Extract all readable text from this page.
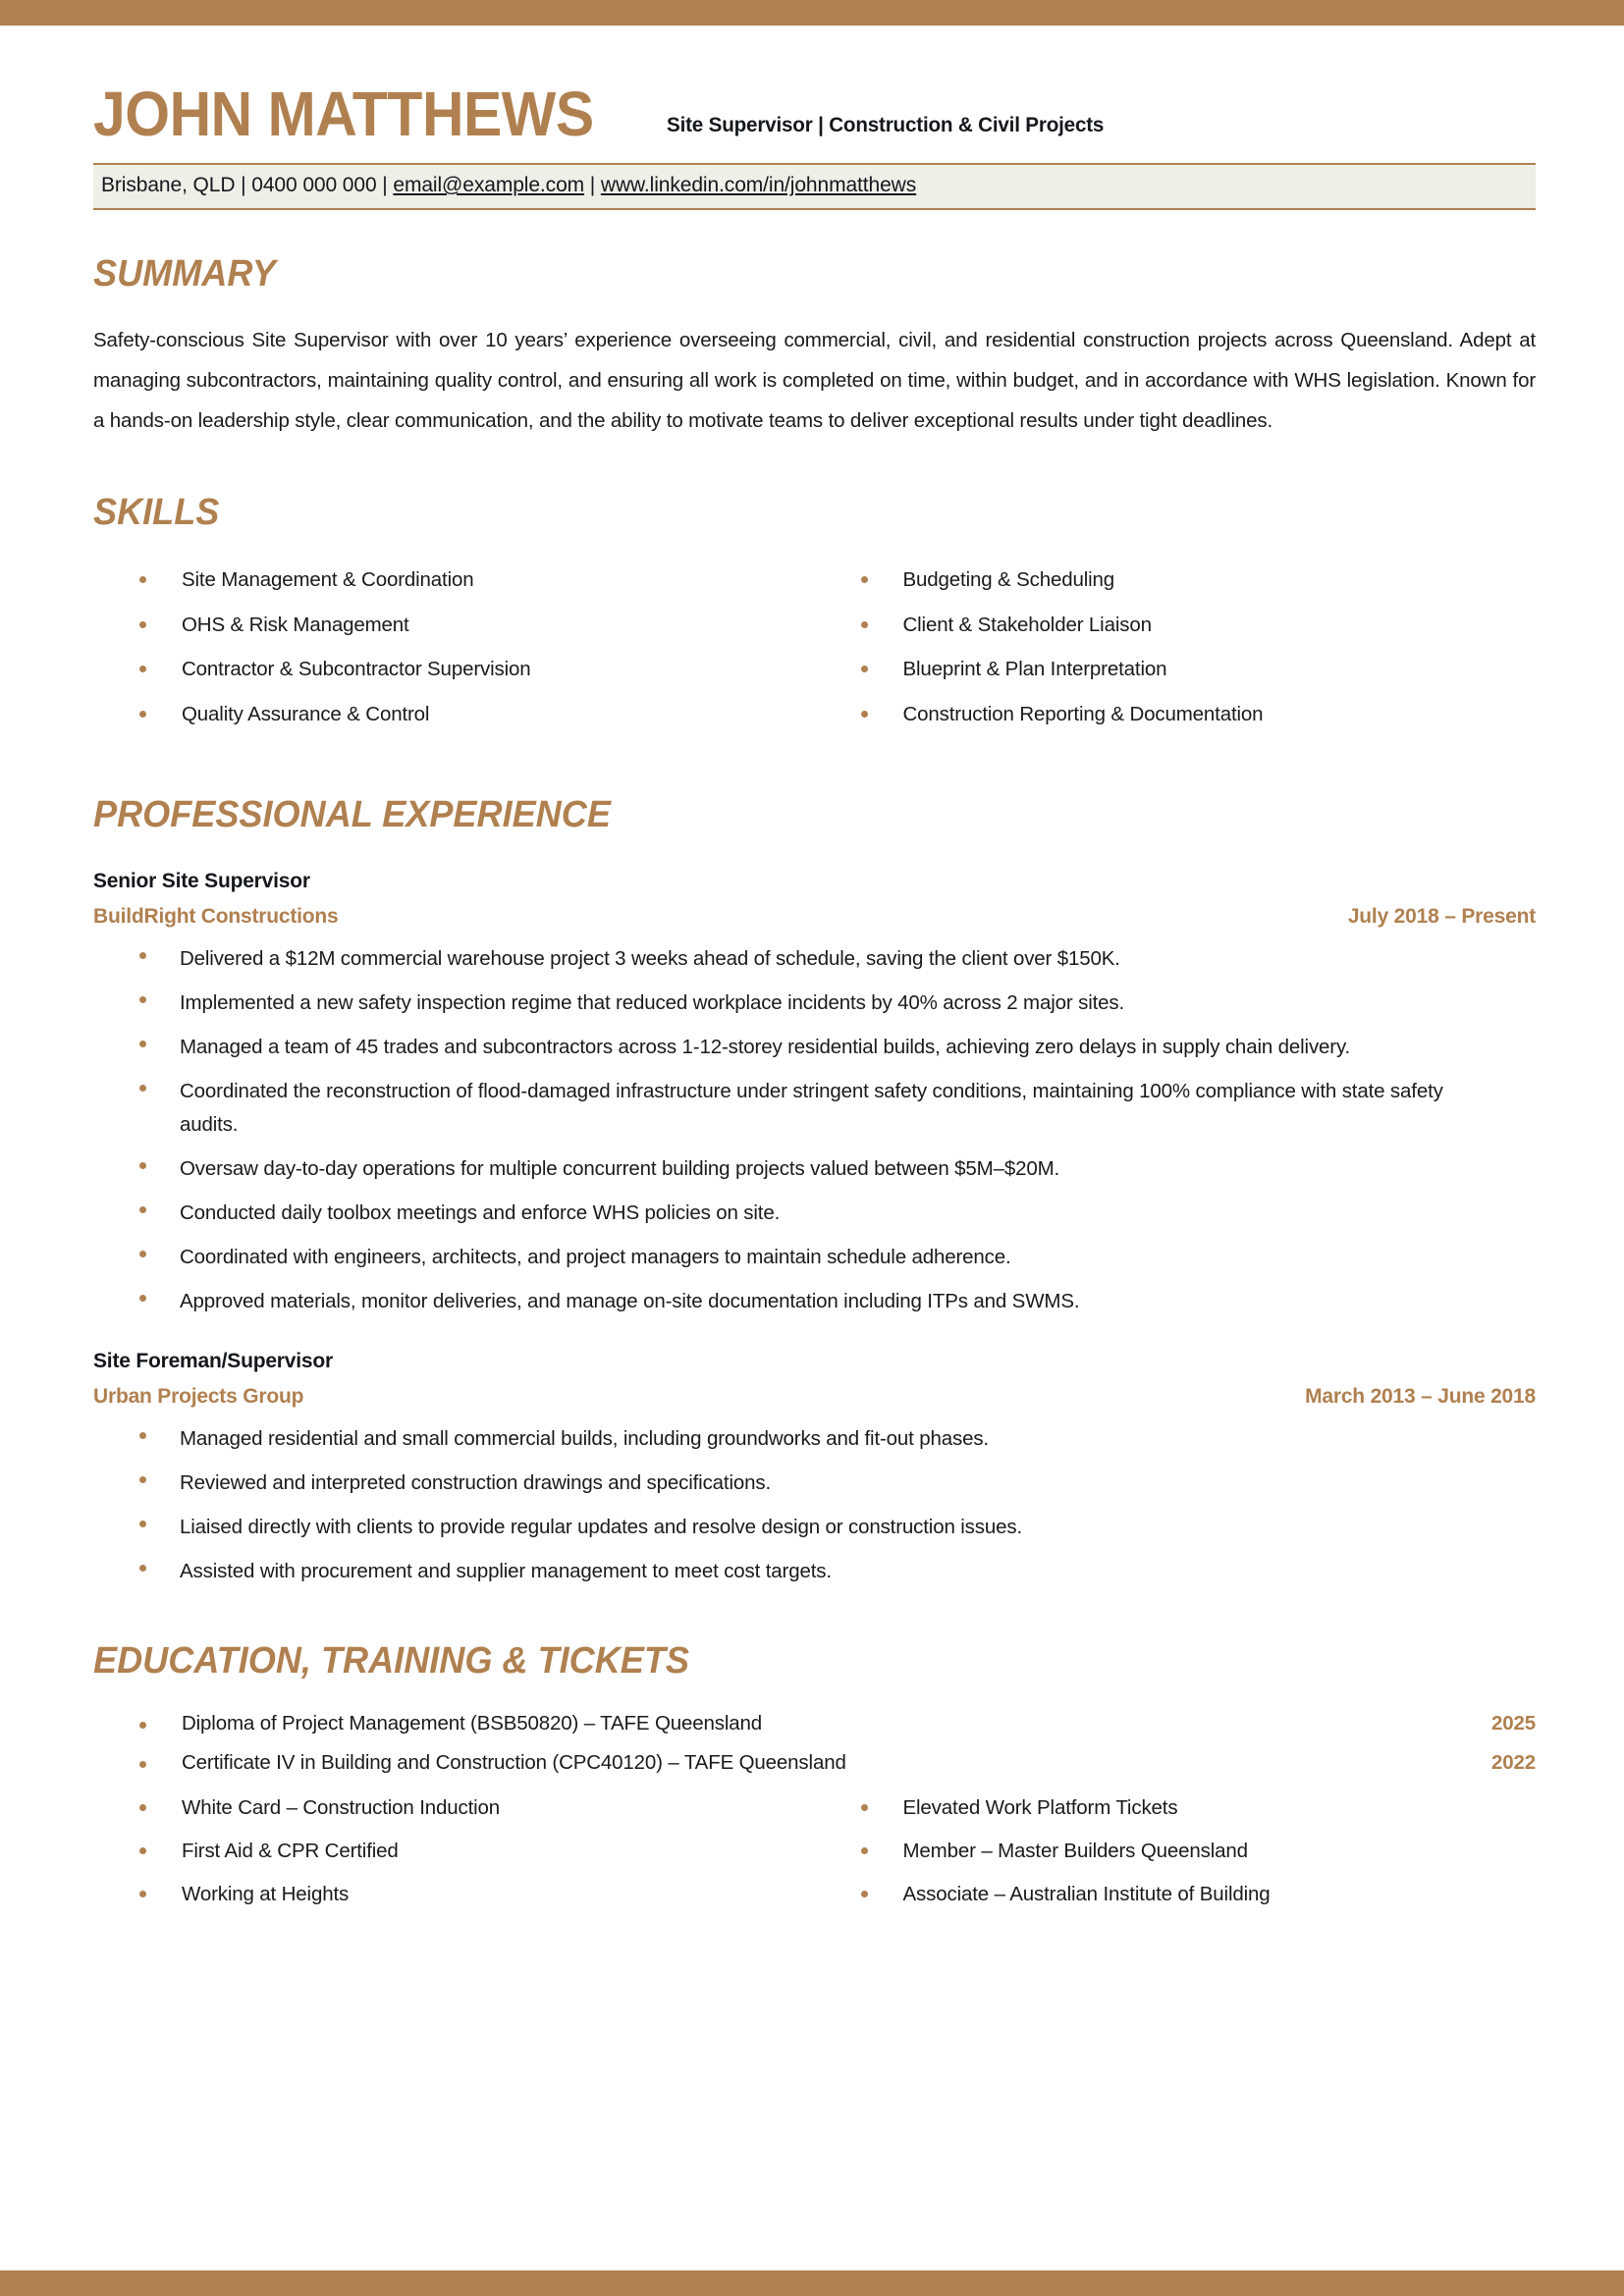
JOHN MATTHEWS	Site Supervisor | Construction & Civil Projects
Brisbane, QLD | 0400 000 000 | email@example.com | www.linkedin.com/in/johnmatthews
SUMMARY
Safety-conscious Site Supervisor with over 10 years’ experience overseeing commercial, civil, and residential construction projects across Queensland. Adept at managing subcontractors, maintaining quality control, and ensuring all work is completed on time, within budget, and in accordance with WHS legislation. Known for a hands-on leadership style, clear communication, and the ability to motivate teams to deliver exceptional results under tight deadlines.
SKILLS
Site Management & Coordination	Budgeting & Scheduling
OHS & Risk Management	Client & Stakeholder Liaison
Contractor & Subcontractor Supervision	Blueprint & Plan Interpretation
Quality Assurance & Control	Construction Reporting & Documentation
PROFESSIONAL EXPERIENCE
Senior Site Supervisor
BuildRight Constructions	July 2018 – Present
Delivered a $12M commercial warehouse project 3 weeks ahead of schedule, saving the client over $150K.
Implemented a new safety inspection regime that reduced workplace incidents by 40% across 2 major sites.
Managed a team of 45 trades and subcontractors across 1-12-storey residential builds, achieving zero delays in supply chain delivery.
Coordinated the reconstruction of flood-damaged infrastructure under stringent safety conditions, maintaining 100% compliance with state safety audits.
Oversaw day-to-day operations for multiple concurrent building projects valued between $5M–$20M.
Conducted daily toolbox meetings and enforce WHS policies on site.
Coordinated with engineers, architects, and project managers to maintain schedule adherence.
Approved materials, monitor deliveries, and manage on-site documentation including ITPs and SWMS.
Site Foreman/Supervisor
Urban Projects Group	March 2013 – June 2018
Managed residential and small commercial builds, including groundworks and fit-out phases.
Reviewed and interpreted construction drawings and specifications.
Liaised directly with clients to provide regular updates and resolve design or construction issues.
Assisted with procurement and supplier management to meet cost targets.
EDUCATION, TRAINING & TICKETS
Diploma of Project Management (BSB50820) – TAFE Queensland	2025
Certificate IV in Building and Construction (CPC40120) – TAFE Queensland	2022
White Card – Construction Induction	Elevated Work Platform Tickets
First Aid & CPR Certified	Member – Master Builders Queensland
Working at Heights	Associate – Australian Institute of Building
